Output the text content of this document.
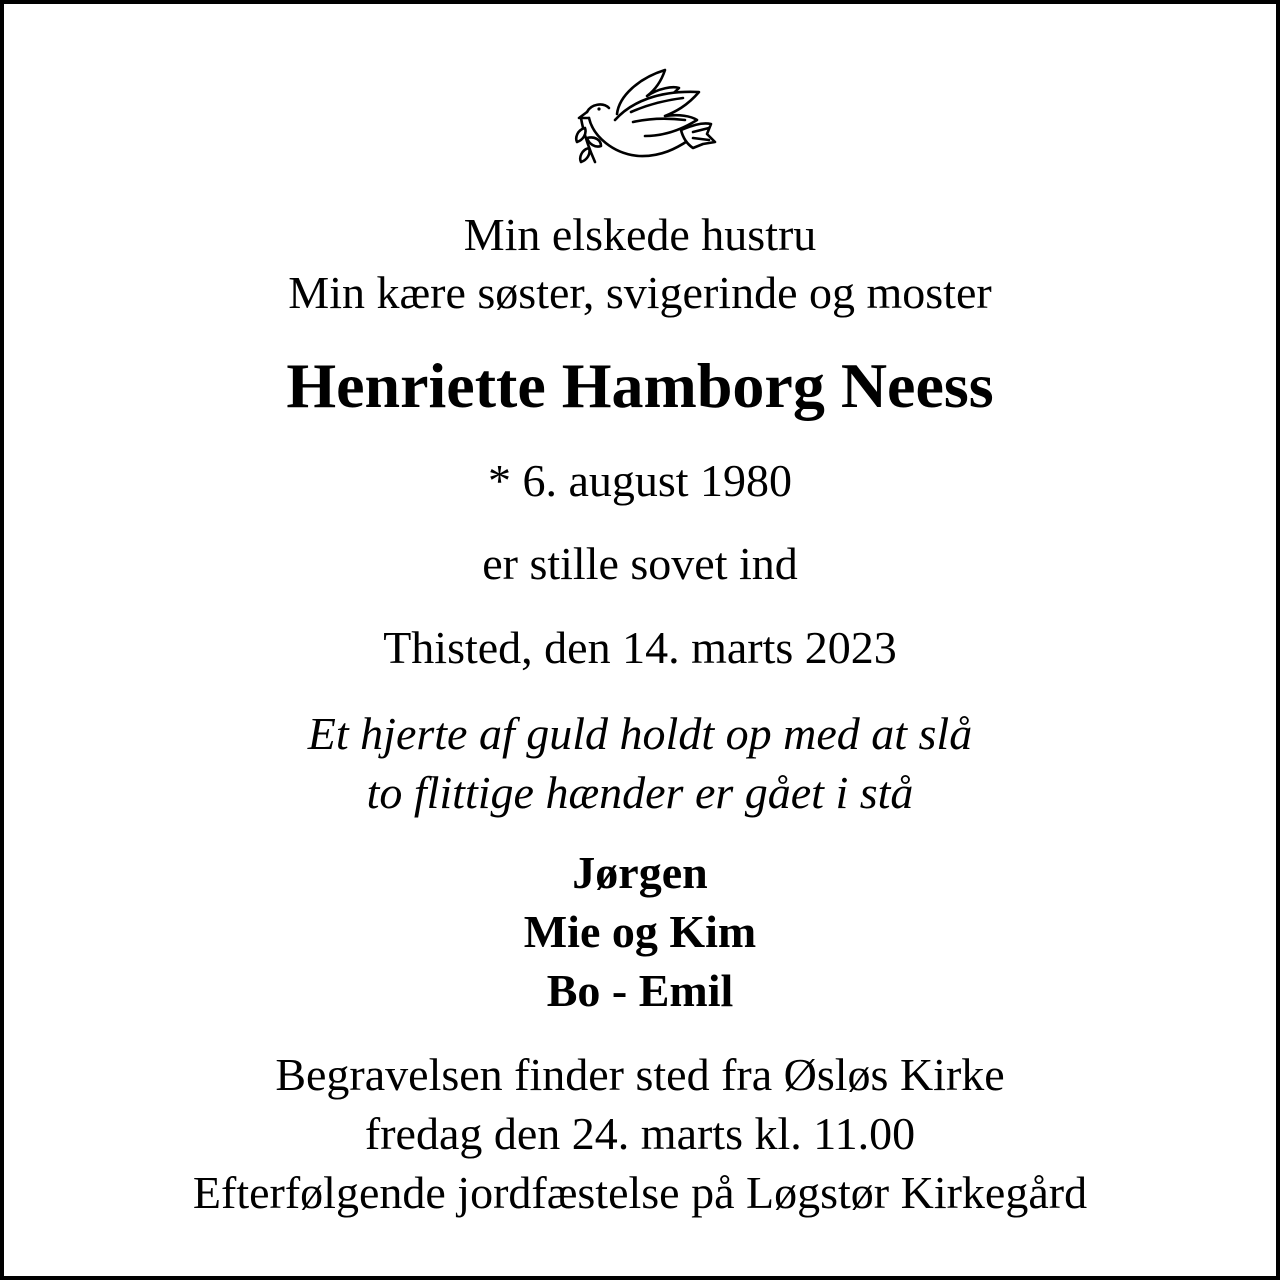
Min elskede hustru
Min kære søster, svigerinde og moster
Henriette Hamborg Neess
* 6. august 1980
er stille sovet ind
Thisted, den 14. marts 2023
Et hjerte af guld holdt op med at slå
to flittige hænder er gået i stå
Jørgen
Mie og Kim
Bo - Emil
Begravelsen finder sted fra Øsløs Kirke
fredag den 24. marts kl. 11.00
Efterfølgende jordfæstelse på Løgstør Kirkegård
